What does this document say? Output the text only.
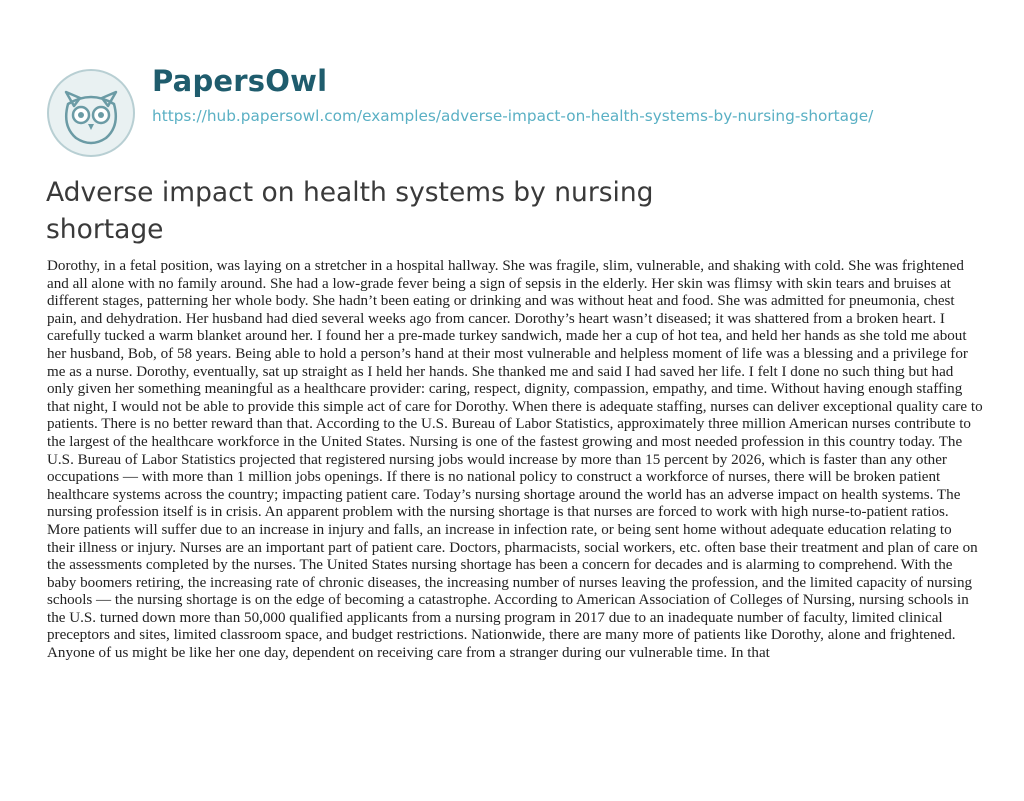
PapersOwl
https://hub.papersowl.com/examples/adverse-impact-on-health-systems-by-nursing-shortage/
Adverse impact on health systems by nursing shortage

Dorothy, in a fetal position, was laying on a stretcher in a hospital hallway. She was fragile, slim, vulnerable, and shaking with cold. She was frightened and all alone with no family around. She had a low-grade fever being a sign of sepsis in the elderly. Her skin was flimsy with skin tears and bruises at different stages, patterning her whole body. She hadn’t been eating or drinking and was without heat and food. She was admitted for pneumonia, chest pain, and dehydration. Her husband had died several weeks ago from cancer. Dorothy’s heart wasn’t diseased; it was shattered from a broken heart. I carefully tucked a warm blanket around her. I found her a pre-made turkey sandwich, made her a cup of hot tea, and held her hands as she told me about her husband, Bob, of 58 years. Being able to hold a person’s hand at their most vulnerable and helpless moment of life was a blessing and a privilege for me as a nurse. Dorothy, eventually, sat up straight as I held her hands. She thanked me and said I had saved her life. I felt I done no such thing but had only given her something meaningful as a healthcare provider: caring, respect, dignity, compassion, empathy, and time. Without having enough staffing that night, I would not be able to provide this simple act of care for Dorothy. When there is adequate staffing, nurses can deliver exceptional quality care to patients. There is no better reward than that. According to the U.S. Bureau of Labor Statistics, approximately three million American nurses contribute to the largest of the healthcare workforce in the United States. Nursing is one of the fastest growing and most needed profession in this country today. The U.S. Bureau of Labor Statistics projected that registered nursing jobs would increase by more than 15 percent by 2026, which is faster than any other occupations — with more than 1 million jobs openings. If there is no national policy to construct a workforce of nurses, there will be broken patient healthcare systems across the country; impacting patient care. Today’s nursing shortage around the world has an adverse impact on health systems. The nursing profession itself is in crisis. An apparent problem with the nursing shortage is that nurses are forced to work with high nurse-to-patient ratios. More patients will suffer due to an increase in injury and falls, an increase in infection rate, or being sent home without adequate education relating to their illness or injury. Nurses are an important part of patient care. Doctors, pharmacists, social workers, etc. often base their treatment and plan of care on the assessments completed by the nurses. The United States nursing shortage has been a concern for decades and is alarming to comprehend. With the baby boomers retiring, the increasing rate of chronic diseases, the increasing number of nurses leaving the profession, and the limited capacity of nursing schools — the nursing shortage is on the edge of becoming a catastrophe. According to American Association of Colleges of Nursing, nursing schools in the U.S. turned down more than 50,000 qualified applicants from a nursing program in 2017 due to an inadequate number of faculty, limited clinical preceptors and sites, limited classroom space, and budget restrictions. Nationwide, there are many more of patients like Dorothy, alone and frightened. Anyone of us might be like her one day, dependent on receiving care from a stranger during our vulnerable time. In that
